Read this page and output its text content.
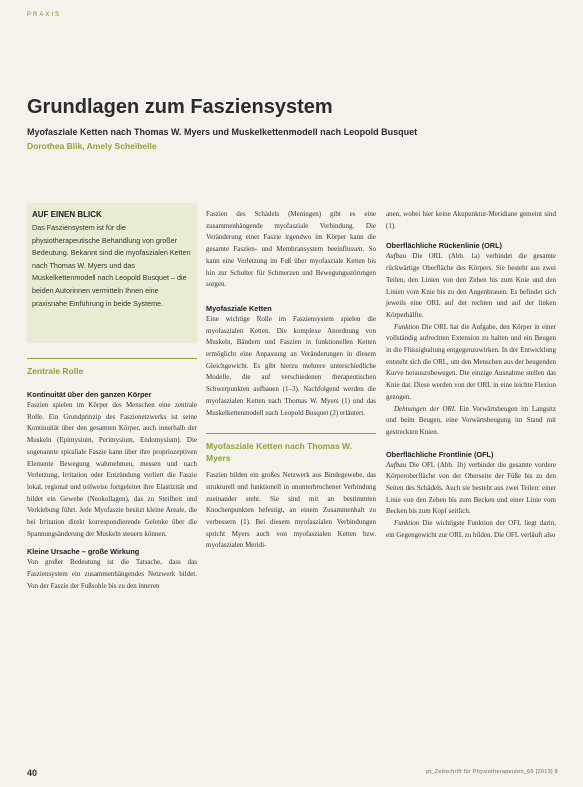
PRAXIS
Grundlagen zum Fasziensystem
Myofasziale Ketten nach Thomas W. Myers und Muskelkettenmodell nach Leopold Busquet
Dorothea Blik, Amely Scheibelle
AUF EINEN BLICK
Das Fasziensystem ist für die physiotherapeutische Behandlung von großer Bedeutung. Bekannt sind die myofaszialen Ketten nach Thomas W. Myers und das Muskelkettenmodell nach Leopold Busquet – die beiden Autorinnen vermitteln Ihnen eine praxisnahe Einführung in beide Systeme.
Zentrale Rolle
Kontinuität über den ganzen Körper

Faszien spielen im Körper des Menschen eine zentrale Rolle. Ein Grundprinzip des Faszienetzwerks ist seine Kontinuität über den gesamten Körper, auch innerhalb der Muskeln (Epimysium, Perimysium, Endomysium). Die sogenannte spiraliale Faszie kann über ihre propriozeptiven Elemente Bewegung wahrnehmen, messen und nach Verletzung, Irritation oder Entzündung verliert die Faszie lokal, regional und teilweise fortgeleitet ihre Elastizität und bildet ein Gewebe (Neokollagen), das zu Steifheit und Verklebung führt. Jede Myofaszie besitzt kleine Areale, die bei Irritation direkt korrespondierende Gelenke über die Spannungsänderung der Muskeln steuern können.

Kleine Ursache – große Wirkung

Von großer Bedeutung ist die Tatsache, dass das Fasziensystem ein zusammenhängendes Netzwerk bildet. Von der Faszie der Fußsohle bis zu den inneren

Faszien des Schädels (Meningen) gibt es eine zusammenhängende myofasziale Verbindung. Die Veränderung einer Faszie irgendwo im Körper kann die gesamte Faszien- und Membransystem beeinflussen. So kann eine Verletzung im Fuß über myofasziale Ketten bis hin zur Schulter für Schmerzen und Bewegungsstörungen sorgen.

Myofasziale Ketten

Eine wichtige Rolle im Fasziensystem spielen die myofaszialen Ketten. Die komplexe Anordnung von Muskeln, Bändern und Faszien in funktionellen Ketten ermöglicht eine Anpassung an Veränderungen in diesem Gleichgewicht. Es gibt hierzu mehrere unterschiedliche Modelle, die auf verschiedenen therapeutischen Schwerpunkten aufbauen (1–3). Nachfolgend werden die myofaszialen Ketten nach Thomas W. Myers (1) und das Muskelkettenmodell nach Leopold Busquet (2) erläutert.

Myofasziale Ketten nach Thomas W. Myers

Faszien bilden ein großes Netzwerk aus Bindegewebe, das strukturell und funktionell in ununterbrochener Verbindung zueinander steht. Sie sind mit an bestimmten Knochenpunkten befestigt, an einem Zusammenhalt zu verbessern (1). Bei diesem myofaszialen Verbindungen spricht Myers auch von myofaszialen Ketten bzw. myofaszialen Meridi-

anen, wobei hier keine Akupunktur-Meridiane gemeint sind (1).

Oberflächliche Rückenlinie (ORL)

Aufbau Die ORL (Abb. 1a) verbindet die gesamte rückwärtige Oberfläche des Körpers. Sie besteht aus zwei Teilen, den Linien von den Zehen bis zum Knie und den Linien vom Knie bis zu den Augenbrauen. Es befindet sich jeweils eine ORL auf der rechten und auf der linken Körperhälfte.

Funktion Die ORL hat die Aufgabe, den Körper in einer vollständig aufrechten Extension zu halten und ein Beugen in die Flüssighaltung entgegenzuwirken. In der Entwicklung entsteht sich die ORL, um den Menschen aus der beugenden Kurve herauszubewegen. Die einzige Ausnahme stellen das Knie dar. Diese werden von der ORL in eine leichte Flexion gezogen.

Dehnungen der ORL Ein Vorwärtsbeugen im Langsitz und beim Beugen, eine Vorwärtsbeugung im Stand mit gestreckten Knien.

Oberflächliche Frontlinie (OFL)

Aufbau Die OFL (Abb. 1b) verbindet die gesamte vordere Körperoberfläche von der Oberseite der Füße bis zu den Seiten des Schädels. Auch sie besteht aus zwei Teilen: einer Linie von den Zehen bis zum Becken und einer Linie vom Becken bis zum Kopf seitlich.

Funktion Die wichtigste Funktion der OFL liegt darin, ein Gegengewicht zur ORL zu bilden. Die OFL verläuft also

40	pt_Zeitschrift für Physiotherapeuten_65 [2013] 8
